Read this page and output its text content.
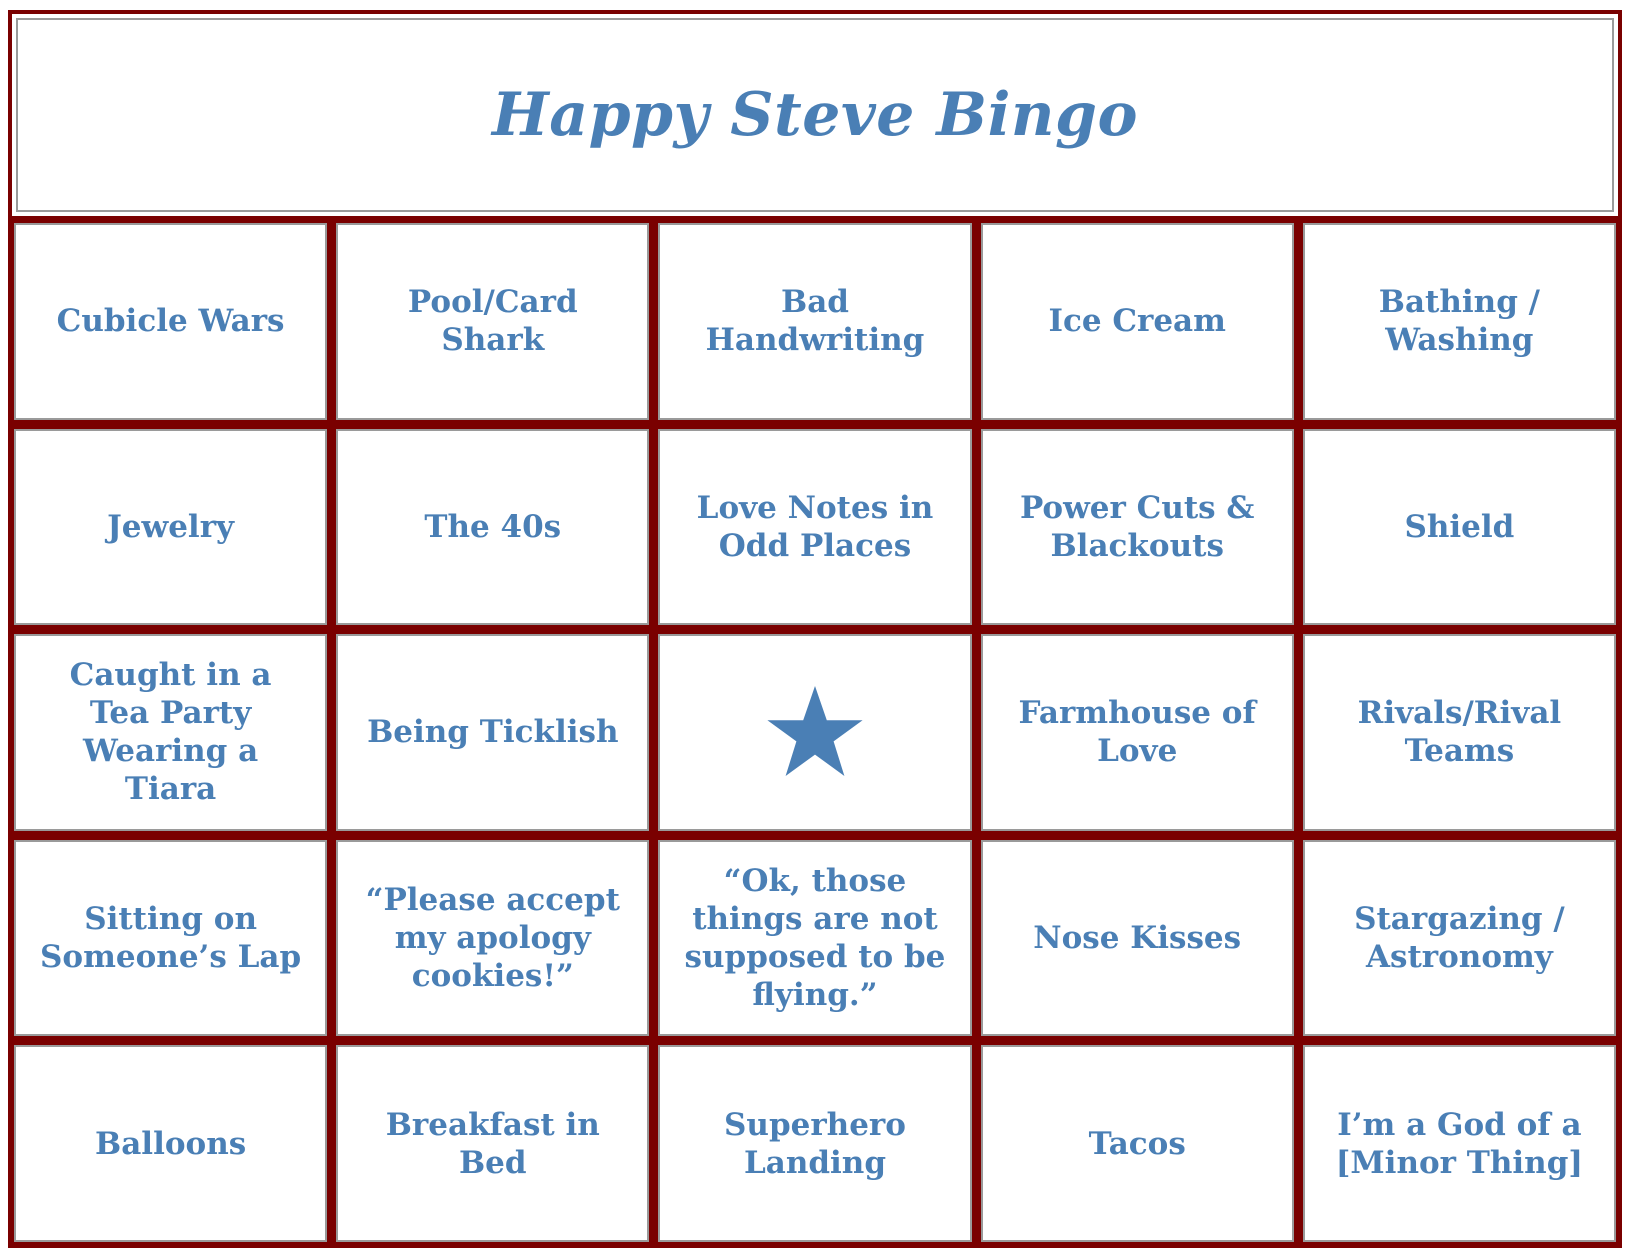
Happy Steve Bingo
Cubicle Wars
Pool/Card Shark
Bad Handwriting
Ice Cream
Bathing / Washing
Jewelry	The 40s
Love Notes in Odd Places
Power Cuts & Blackouts
Shield
Caught in a Tea Party Wearing a Tiara
Being Ticklish
Farmhouse of Love
Rivals/Rival Teams
Sitting on Someone’s Lap
“Please accept my apology cookies!”
“Ok, those things are not supposed to be flying.”
Nose Kisses
Stargazing / Astronomy
Balloons
Breakfast in Bed
Superhero Landing
Tacos
I’m a God of a [Minor Thing]
